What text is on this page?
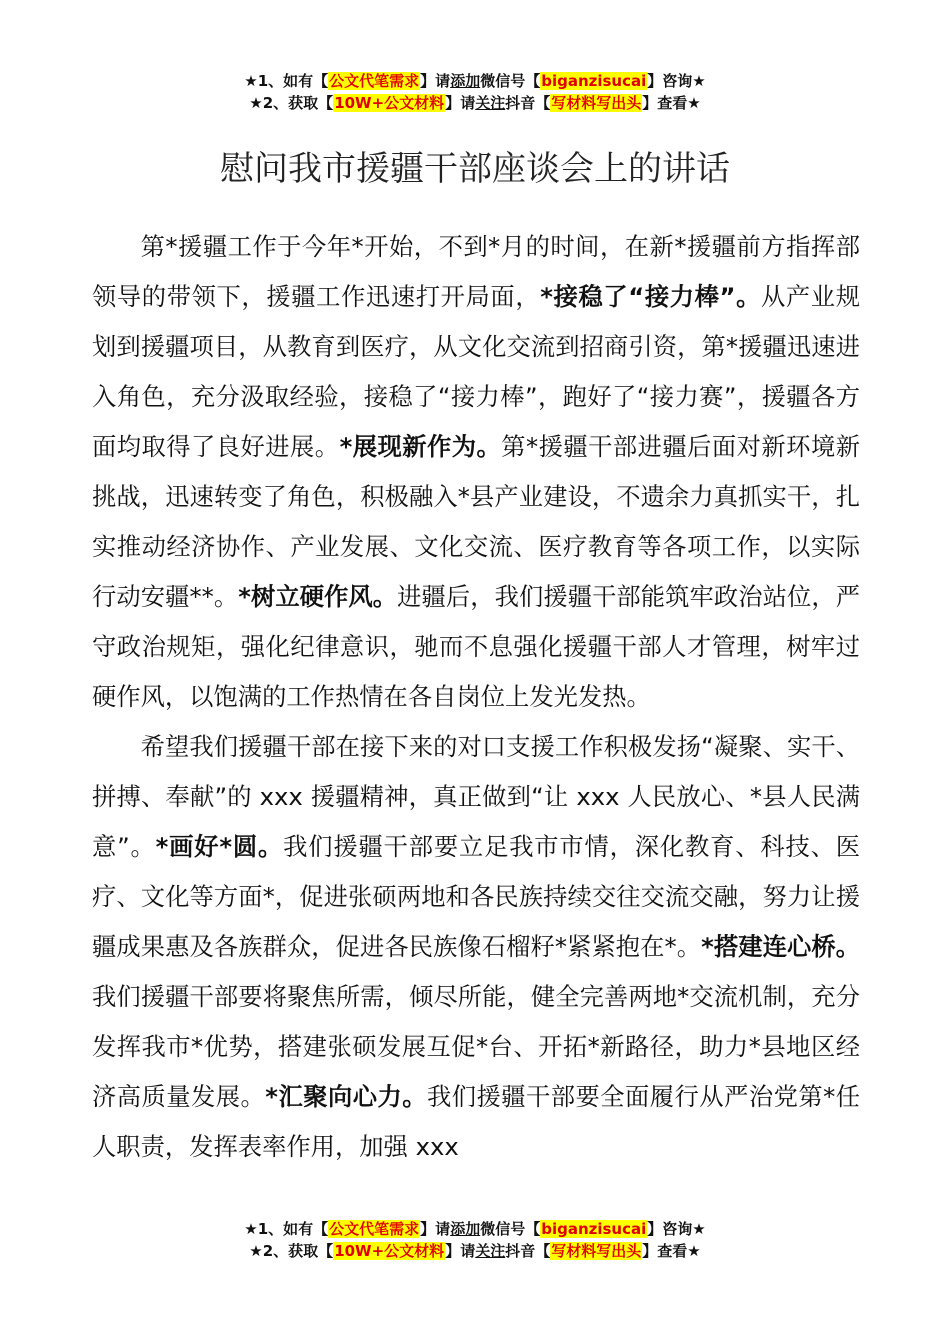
★1、如有【公文代笔需求】请添加微信号【biganzisucai】咨询★
★2、获取【10W+公文材料】请关注抖音【写材料写出头】查看★
慰问我市援疆干部座谈会上的讲话

第*援疆工作于今年*开始，不到*月的时间，在新*援疆前方指挥部领导的带领下，援疆工作迅速打开局面，*接稳了“接力棒”。从产业规划到援疆项目，从教育到医疗，从文化交流到招商引资，第*援疆迅速进入角色，充分汲取经验，接稳了“接力棒”，跑好了“接力赛”，援疆各方面均取得了良好进展。*展现新作为。第*援疆干部进疆后面对新环境新挑战，迅速转变了角色，积极融入*县产业建设，不遗余力真抓实干，扎实推动经济协作、产业发展、文化交流、医疗教育等各项工作，以实际行动安疆**。*树立硬作风。进疆后，我们援疆干部能筑牢政治站位，严守政治规矩，强化纪律意识，驰而不息强化援疆干部人才管理，树牢过硬作风，以饱满的工作热情在各自岗位上发光发热。

希望我们援疆干部在接下来的对口支援工作积极发扬“凝聚、实干、拼搏、奉献”的 xxx 援疆精神，真正做到“让 xxx 人民放心、*县人民满意”。*画好*圆。我们援疆干部要立足我市市情，深化教育、科技、医疗、文化等方面*，促进张硕两地和各民族持续交往交流交融，努力让援疆成果惠及各族群众，促进各民族像石榴籽*紧紧抱在*。*搭建连心桥。我们援疆干部要将聚焦所需，倾尽所能，健全完善两地*交流机制，充分发挥我市*优势，搭建张硕发展互促*台、开拓*新路径，助力*县地区经济高质量发展。*汇聚向心力。我们援疆干部要全面履行从严治党第*任人职责，发挥表率作用，加强 xxx

★1、如有【公文代笔需求】请添加微信号【biganzisucai】咨询★
★2、获取【10W+公文材料】请关注抖音【写材料写出头】查看★
